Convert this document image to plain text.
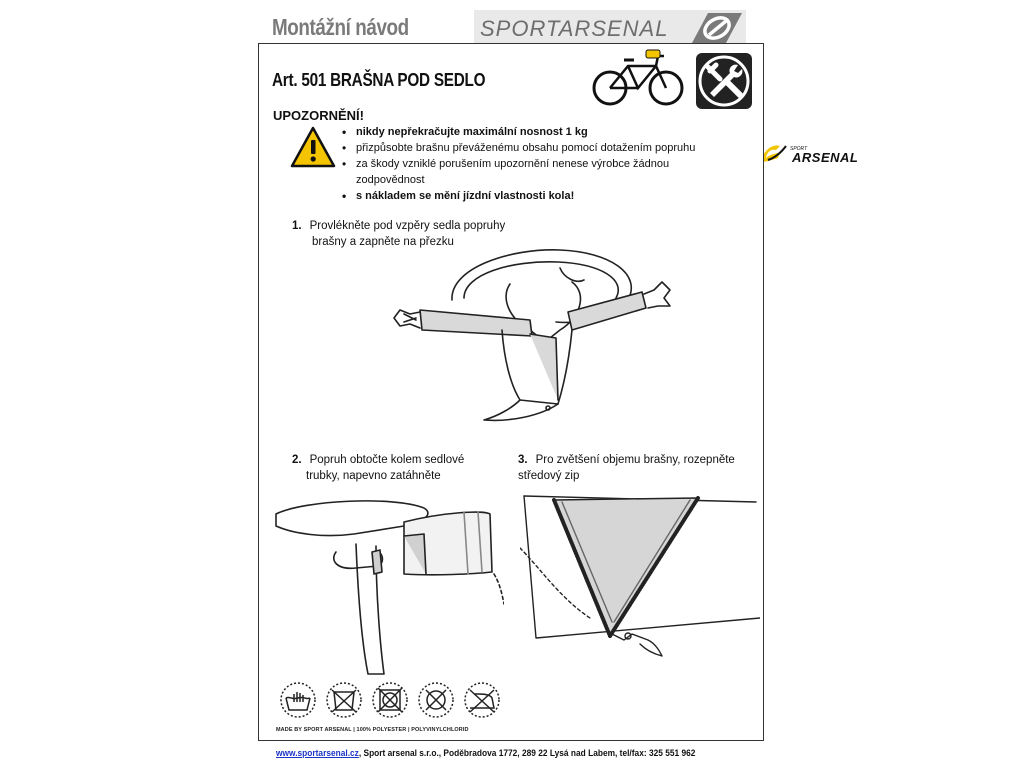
Montážní návod	SPORTARSENAL
SPORT
ARSENAL
Art. 501 BRAŠNA POD SEDLO
UPOZORNĚNÍ!
• nikdy nepřekračujte maximální nosnost 1 kg
• přizpůsobte brašnu převáženému obsahu pomocí dotažením popruhu
• za škody vzniklé porušením upozornění nenese výrobce žádnou
zodpovědnost
• s nákladem se mění jízdní vlastnosti kola!
1. Provlékněte pod vzpěry sedla popruhy
brašny a zapněte na přezku
2. Popruh obtočte kolem sedlové
trubky, napevno zatáhněte
3. Pro zvětšení objemu brašny, rozepněte
středový zip
MADE BY SPORT ARSENAL | 100% POLYESTER | POLYVINYLCHLORID
www.sportarsenal.cz, Sport arsenal s.r.o., Poděbradova 1772, 289 22 Lysá nad Labem, tel/fax: 325 551 962
